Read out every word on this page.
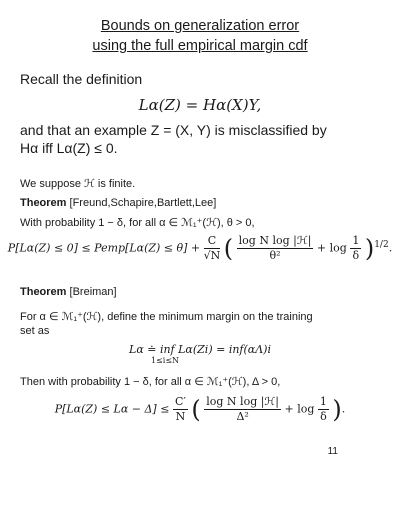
Bounds on generalization error
using the full empirical margin cdf
Recall the definition
Lα(Z) = Hα(X)Y,
and that an example Z = (X, Y) is misclassified by
Hα iff Lα(Z) ≤ 0.
We suppose ℋ is finite.
Theorem [Freund,Schapire,Bartlett,Lee]
With probability 1 − δ, for all α ∈ ℳ₁⁺(ℋ), θ > 0,
P[Lα(Z) ≤ 0] ≤ Pemp[Lα(Z) ≤ $\theta] + \frac{C}{√N}$ ( $\frac{\text{log N log |ℋ|}}{\text{θ²}} + \log \frac{1}{\delta} )^{1/2}$.
Theorem [Breiman]
For α ∈ ℳ₁⁺(ℋ), define the minimum margin on the training
set as
Lα ≐ inf Lα(Zi) = inf(αΛ)i
1≤i≤N
Then with probability 1 − δ, for all α ∈ ℳ₁⁺(ℋ), Δ > 0,
$P[L\alpha(Z) \le L\alpha - \Delta] \le \frac{C'}{N}$ ( $\frac{\text{log N log |ℋ|}}{\text{Δ²}} + \log \frac{1}{\delta}$ ).
11
